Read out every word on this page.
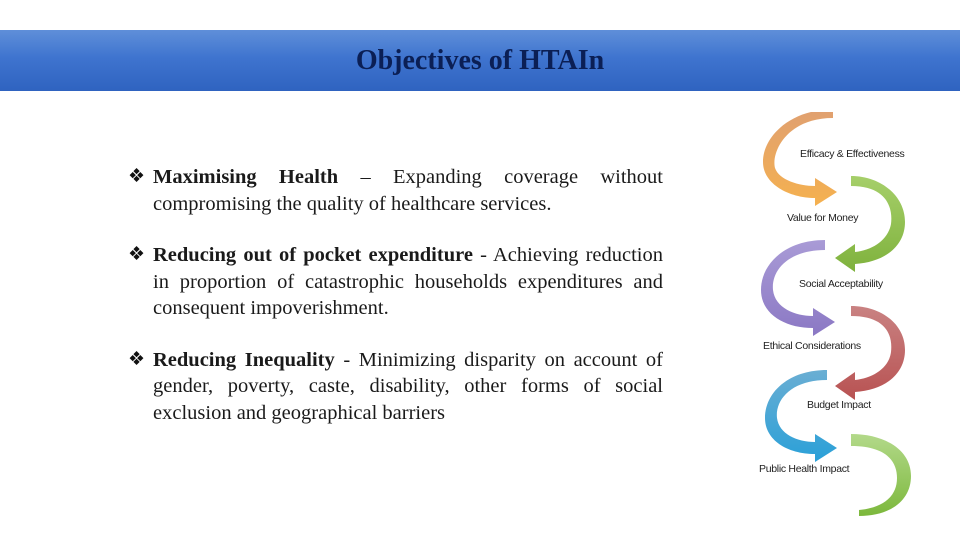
Objectives of HTAIn
❖ Maximising Health – Expanding coverage without compromising the quality of healthcare services.
❖ Reducing out of pocket expenditure - Achieving reduction in proportion of catastrophic households expenditures and consequent impoverishment.
❖ Reducing Inequality - Minimizing disparity on account of gender, poverty, caste, disability, other forms of social exclusion and geographical barriers
Efficacy & Effectiveness
Value for Money
Social Acceptability
Ethical Considerations
Budget Impact
Public Health Impact
